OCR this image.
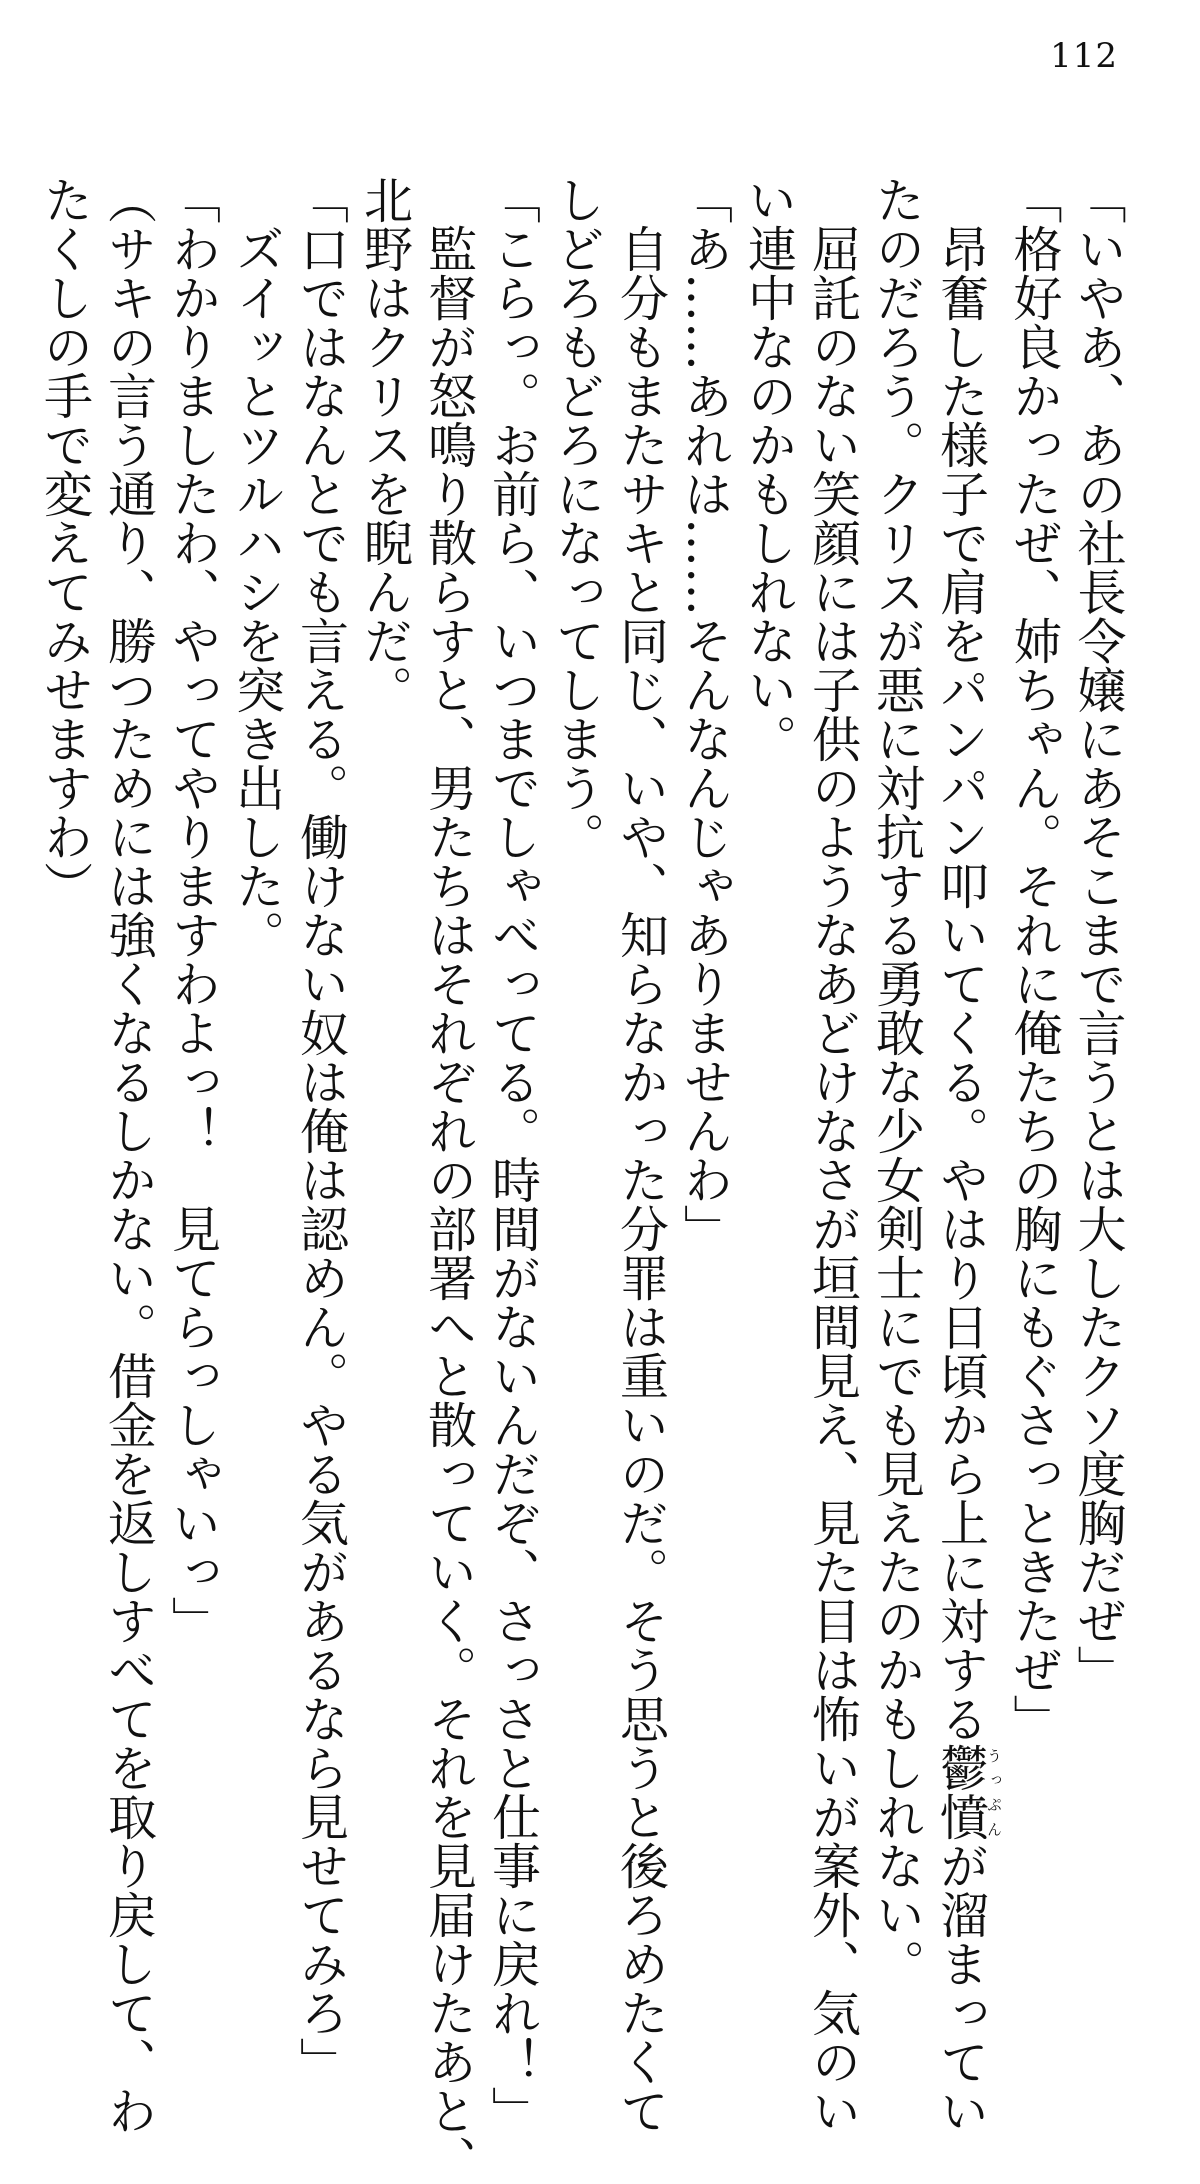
112
「いやあ、あの社長令嬢にあそこまで言うとは大したクソ度胸だぜ」
「格好良かったぜ、姉ちゃん。それに俺たちの胸にもぐさっときたぜ」
　昂奮した様子で肩をパンパン叩いてくる。やはり日頃から上に対する鬱憤うっぷんが溜まってい
たのだろう。クリスが悪に対抗する勇敢な少女剣士にでも見えたのかもしれない。
　屈託のない笑顔には子供のようなあどけなさが垣間見え、見た目は怖いが案外、気のい
い連中なのかもしれない。
「あ……あれは……そんなんじゃありませんわ」
　自分もまたサキと同じ、いや、知らなかった分罪は重いのだ。そう思うと後ろめたくて
しどろもどろになってしまう。
「こらっ。お前ら、いつまでしゃべってる。時間がないんだぞ、さっさと仕事に戻れ！」
　監督が怒鳴り散らすと、男たちはそれぞれの部署へと散っていく。それを見届けたあと、
北野はクリスを睨んだ。
「口ではなんとでも言える。働けない奴は俺は認めん。やる気があるなら見せてみろ」
　ズイッとツルハシを突き出した。
「わかりましたわ、やってやりますわよっ！　見てらっしゃいっ」
（サキの言う通り、勝つためには強くなるしかない。借金を返しすべてを取り戻して、わ
たくしの手で変えてみせますわ）
